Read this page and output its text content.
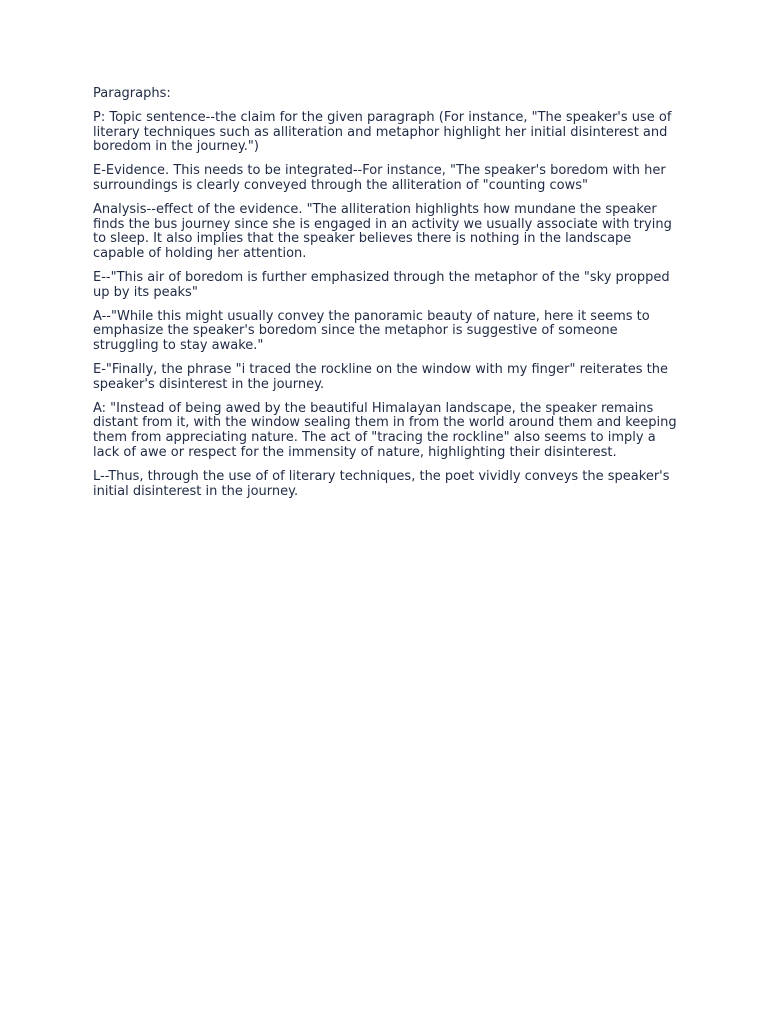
Paragraphs:
P: Topic sentence--the claim for the given paragraph (For instance, "The speaker's use of literary techniques such as alliteration and metaphor highlight her initial disinterest and boredom in the journey.")
E-Evidence. This needs to be integrated--For instance, "The speaker's boredom with her surroundings is clearly conveyed through the alliteration of "counting cows"
Analysis--effect of the evidence. "The alliteration highlights how mundane the speaker finds the bus journey since she is engaged in an activity we usually associate with trying to sleep. It also implies that the speaker believes there is nothing in the landscape capable of holding her attention.
E--"This air of boredom is further emphasized through the metaphor of the "sky propped up by its peaks"
A--"While this might usually convey the panoramic beauty of nature, here it seems to emphasize the speaker's boredom since the metaphor is suggestive of someone struggling to stay awake."
E-"Finally, the phrase "i traced the rockline on the window with my finger" reiterates the speaker's disinterest in the journey.
A: "Instead of being awed by the beautiful Himalayan landscape, the speaker remains distant from it, with the window sealing them in from the world around them and keeping them from appreciating nature. The act of "tracing the rockline" also seems to imply a lack of awe or respect for the immensity of nature, highlighting their disinterest.
L--Thus, through the use of of literary techniques, the poet vividly conveys the speaker's initial disinterest in the journey.
